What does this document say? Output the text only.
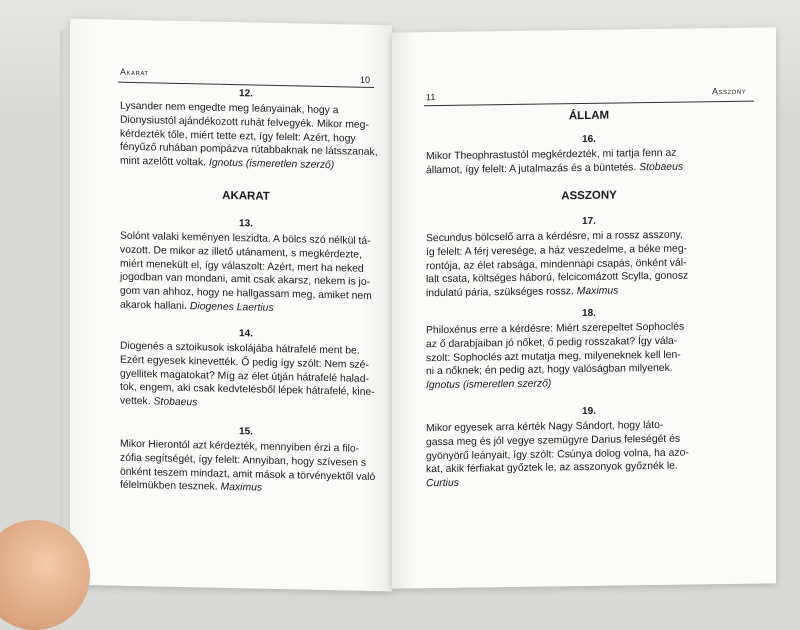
Akarat
10
12.
Lysander nem engedte meg leányainak, hogy a
Dionysiustól ajándékozott ruhát felvegyék. Mikor meg-
kérdezték tőle, miért tette ezt, így felelt: Azért, hogy
fényűző ruhában pompázva rútabbaknak ne látsszanak,
mint azelőtt voltak. Ignotus (ismeretlen szerző)
AKARAT
13.
Solónt valaki keményen leszidta. A bölcs szó nélkül tá-
vozott. De mikor az illető utánament, s megkérdezte,
miért menekült el, így válaszolt: Azért, mert ha neked
jogodban van mondani, amit csak akarsz, nekem is jo-
gom van ahhoz, hogy ne hallgassam meg, amiket nem
akarok hallani. Diogenes Laertius
14.
Diogenés a sztoikusok iskolájába hátrafelé ment be.
Ezért egyesek kinevették. Ő pedig így szólt: Nem szé-
gyellitek magatokat? Míg az élet útján hátrafelé halad-
tok, engem, aki csak kedvtelésből lépek hátrafelé, kine-
vettek. Stobaeus
15.
Mikor Hierontól azt kérdezték, mennyiben érzi a filo-
zófia segítségét, így felelt: Annyiban, hogy szívesen s
önként teszem mindazt, amit mások a törvényektől való
félelmükben tesznek. Maximus
11
Asszony
ÁLLAM
16.
Mikor Theophrastustól megkérdezték, mi tartja fenn az
államot, így felelt: A jutalmazás és a büntetés. Stobaeus
ASSZONY
17.
Secundus bölcselő arra a kérdésre, mi a rossz asszony,
íg felelt: A férj veresége, a ház veszedelme, a béke meg-
rontója, az élet rabsága, mindennapi csapás, önként vál-
lalt csata, költséges háború, felcicomázott Scylla, gonosz
indulatú pária, szükséges rossz. Maximus
18.
Philoxénus erre a kérdésre: Miért szerepeltet Sophoclés
az ő darabjaiban jó nőket, ő pedig rosszakat? Így vála-
szolt: Sophoclés azt mutatja meg, milyeneknek kell len-
ni a nőknek; én pedig azt, hogy valóságban milyenek.
Ignotus (ismeretlen szerző)
19.
Mikor egyesek arra kérték Nagy Sándort, hogy látо-
gassa meg és jól vegye szemügyre Darius feleségét és
gyönyörű leányait, így szólt: Csúnya dolog volna, ha azо-
kat, akik férfiakat győztek le, az asszonyok győznék le.
Curtius
